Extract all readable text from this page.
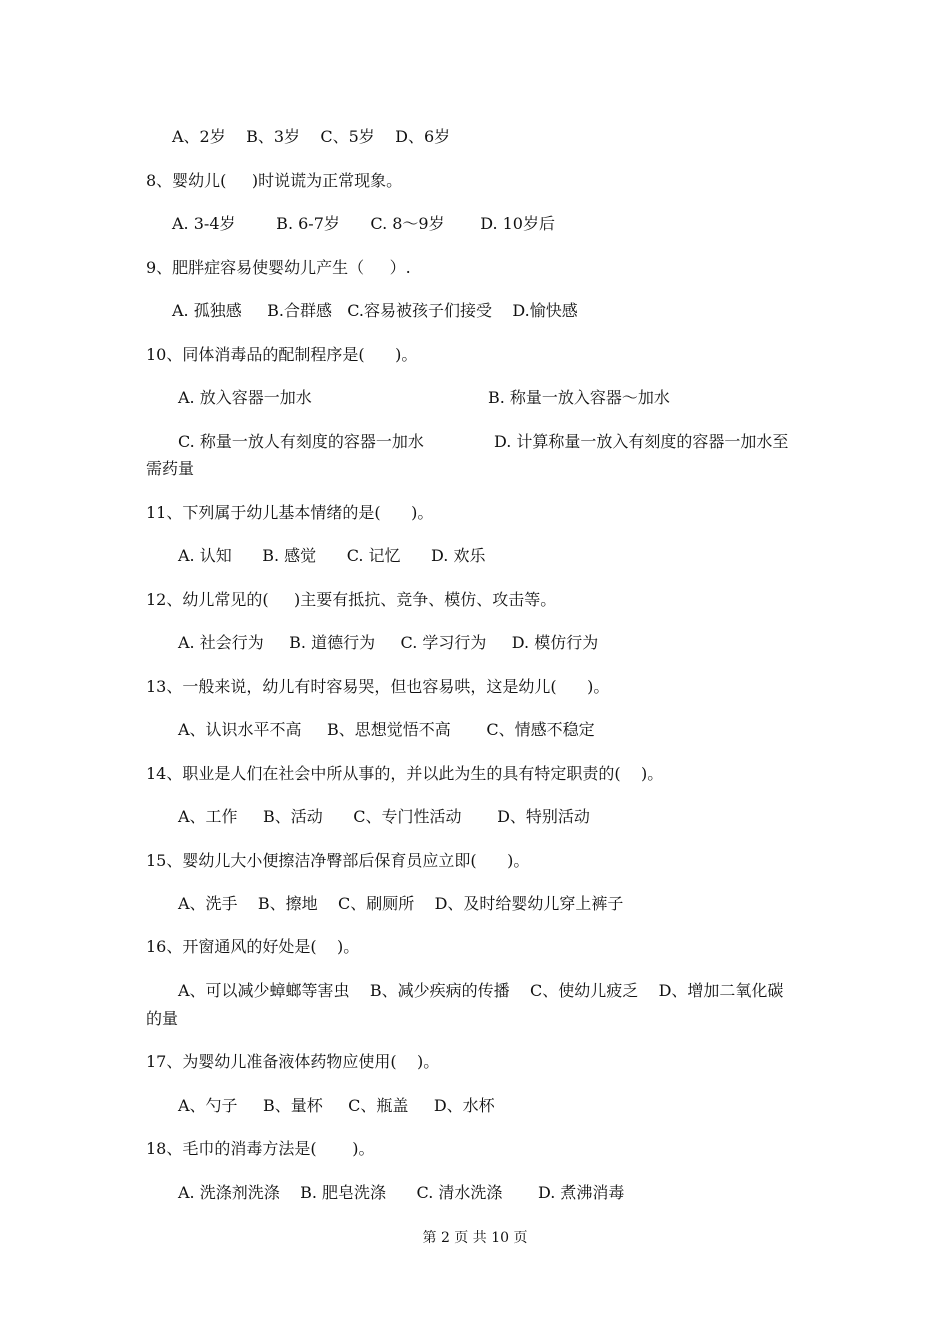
A、2岁    B、3岁    C、5岁    D、6岁
8、婴幼儿(     )时说谎为正常现象。
A. 3-4岁        B. 6-7岁      C. 8～9岁       D. 10岁后
9、肥胖症容易使婴幼儿产生（     ）.
A. 孤独感     B.合群感   C.容易被孩子们接受    D.愉快感
10、同体消毒品的配制程序是(      )。
A. 放入容器一加水	B. 称量一放入容器～加水
C. 称量一放人有刻度的容器一加水	D. 计算称量一放入有刻度的容器一加水至
需药量
11、下列属于幼儿基本情绪的是(      )。
A. 认知      B. 感觉      C. 记忆      D. 欢乐
12、幼儿常见的(     )主要有抵抗、竞争、模仿、攻击等。
A. 社会行为     B. 道德行为     C. 学习行为     D. 模仿行为
13、一般来说，幼儿有时容易哭，但也容易哄，这是幼儿(      )。
A、认识水平不高     B、思想觉悟不高       C、情感不稳定
14、职业是人们在社会中所从事的，并以此为生的具有特定职责的(    )。
A、工作     B、活动      C、专门性活动       D、特别活动
15、婴幼儿大小便擦洁净臀部后保育员应立即(      )。
A、洗手    B、擦地    C、刷厕所    D、及时给婴幼儿穿上裤子
16、开窗通风的好处是(    )。
A、可以减少蟑螂等害虫    B、减少疾病的传播    C、使幼儿疲乏    D、增加二氧化碳
的量
17、为婴幼儿准备液体药物应使用(    )。
A、勺子     B、量杯     C、瓶盖     D、水杯
18、毛巾的消毒方法是(       )。
A. 洗涤剂洗涤    B. 肥皂洗涤      C. 清水洗涤       D. 煮沸消毒
第 2 页 共 10 页
